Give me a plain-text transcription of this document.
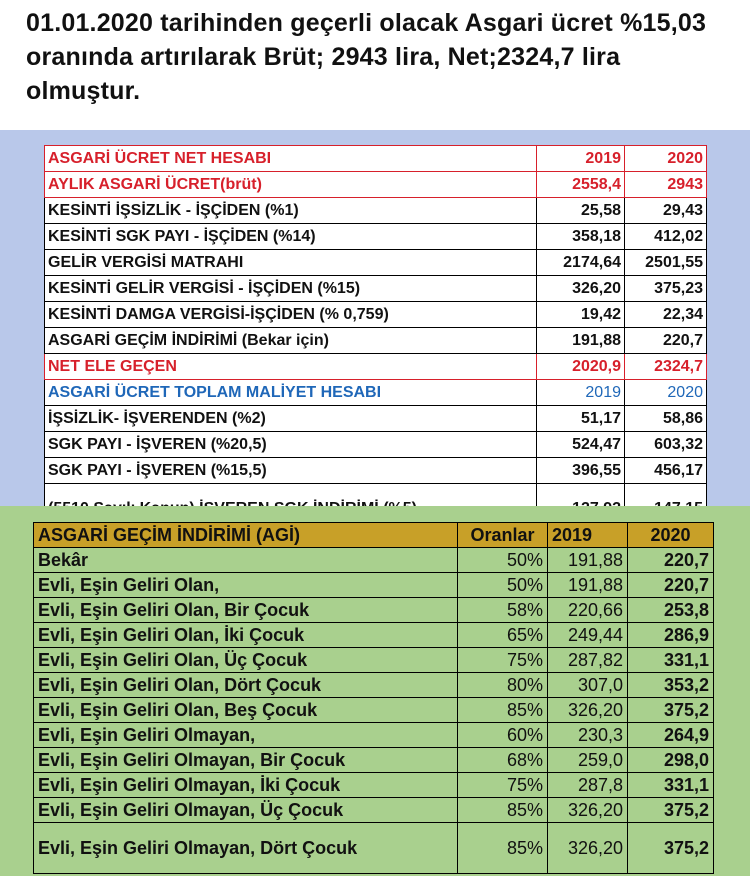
01.01.2020 tarihinden geçerli olacak Asgari ücret %15,03 oranında artırılarak Brüt; 2943 lira, Net;2324,7 lira olmuştur.
ASGARİ ÜCRET NET HESABI	2019	2020
AYLIK ASGARİ ÜCRET(brüt)	2558,4	2943
KESİNTİ İŞSİZLİK - İŞÇİDEN (%1)	25,58	29,43
KESİNTİ SGK PAYI - İŞÇİDEN (%14)	358,18	412,02
GELİR VERGİSİ MATRAHI	2174,64	2501,55
KESİNTİ GELİR VERGİSİ - İŞÇİDEN (%15)	326,20	375,23
KESİNTİ DAMGA VERGİSİ-İŞÇİDEN (% 0,759)	19,42	22,34
ASGARİ GEÇİM İNDİRİMİ (Bekar için)	191,88	220,7
NET ELE GEÇEN	2020,9	2324,7
ASGARİ ÜCRET TOPLAM MALİYET HESABI	2019	2020
İŞSİZLİK- İŞVERENDEN (%2)	51,17	58,86
SGK PAYI - İŞVEREN (%20,5)	524,47	603,32
SGK PAYI - İŞVEREN (%15,5)	396,55	456,17

ASGARİ GEÇİM İNDİRİMİ (AGİ)	Oranlar	2019	2020
Bekâr	50%	191,88	220,7
Evli, Eşin Geliri Olan,	50%	191,88	220,7
Evli, Eşin Geliri Olan, Bir Çocuk	58%	220,66	253,8
Evli, Eşin Geliri Olan, İki Çocuk	65%	249,44	286,9
Evli, Eşin Geliri Olan, Üç Çocuk	75%	287,82	331,1
Evli, Eşin Geliri Olan, Dört Çocuk	80%	307,0	353,2
Evli, Eşin Geliri Olan, Beş Çocuk	85%	326,20	375,2
Evli, Eşin Geliri Olmayan,	60%	230,3	264,9
Evli, Eşin Geliri Olmayan, Bir Çocuk	68%	259,0	298,0
Evli, Eşin Geliri Olmayan, İki Çocuk	75%	287,8	331,1
Evli, Eşin Geliri Olmayan, Üç Çocuk	85%	326,20	375,2
Evli, Eşin Geliri Olmayan, Dört Çocuk	85%	326,20	375,2
